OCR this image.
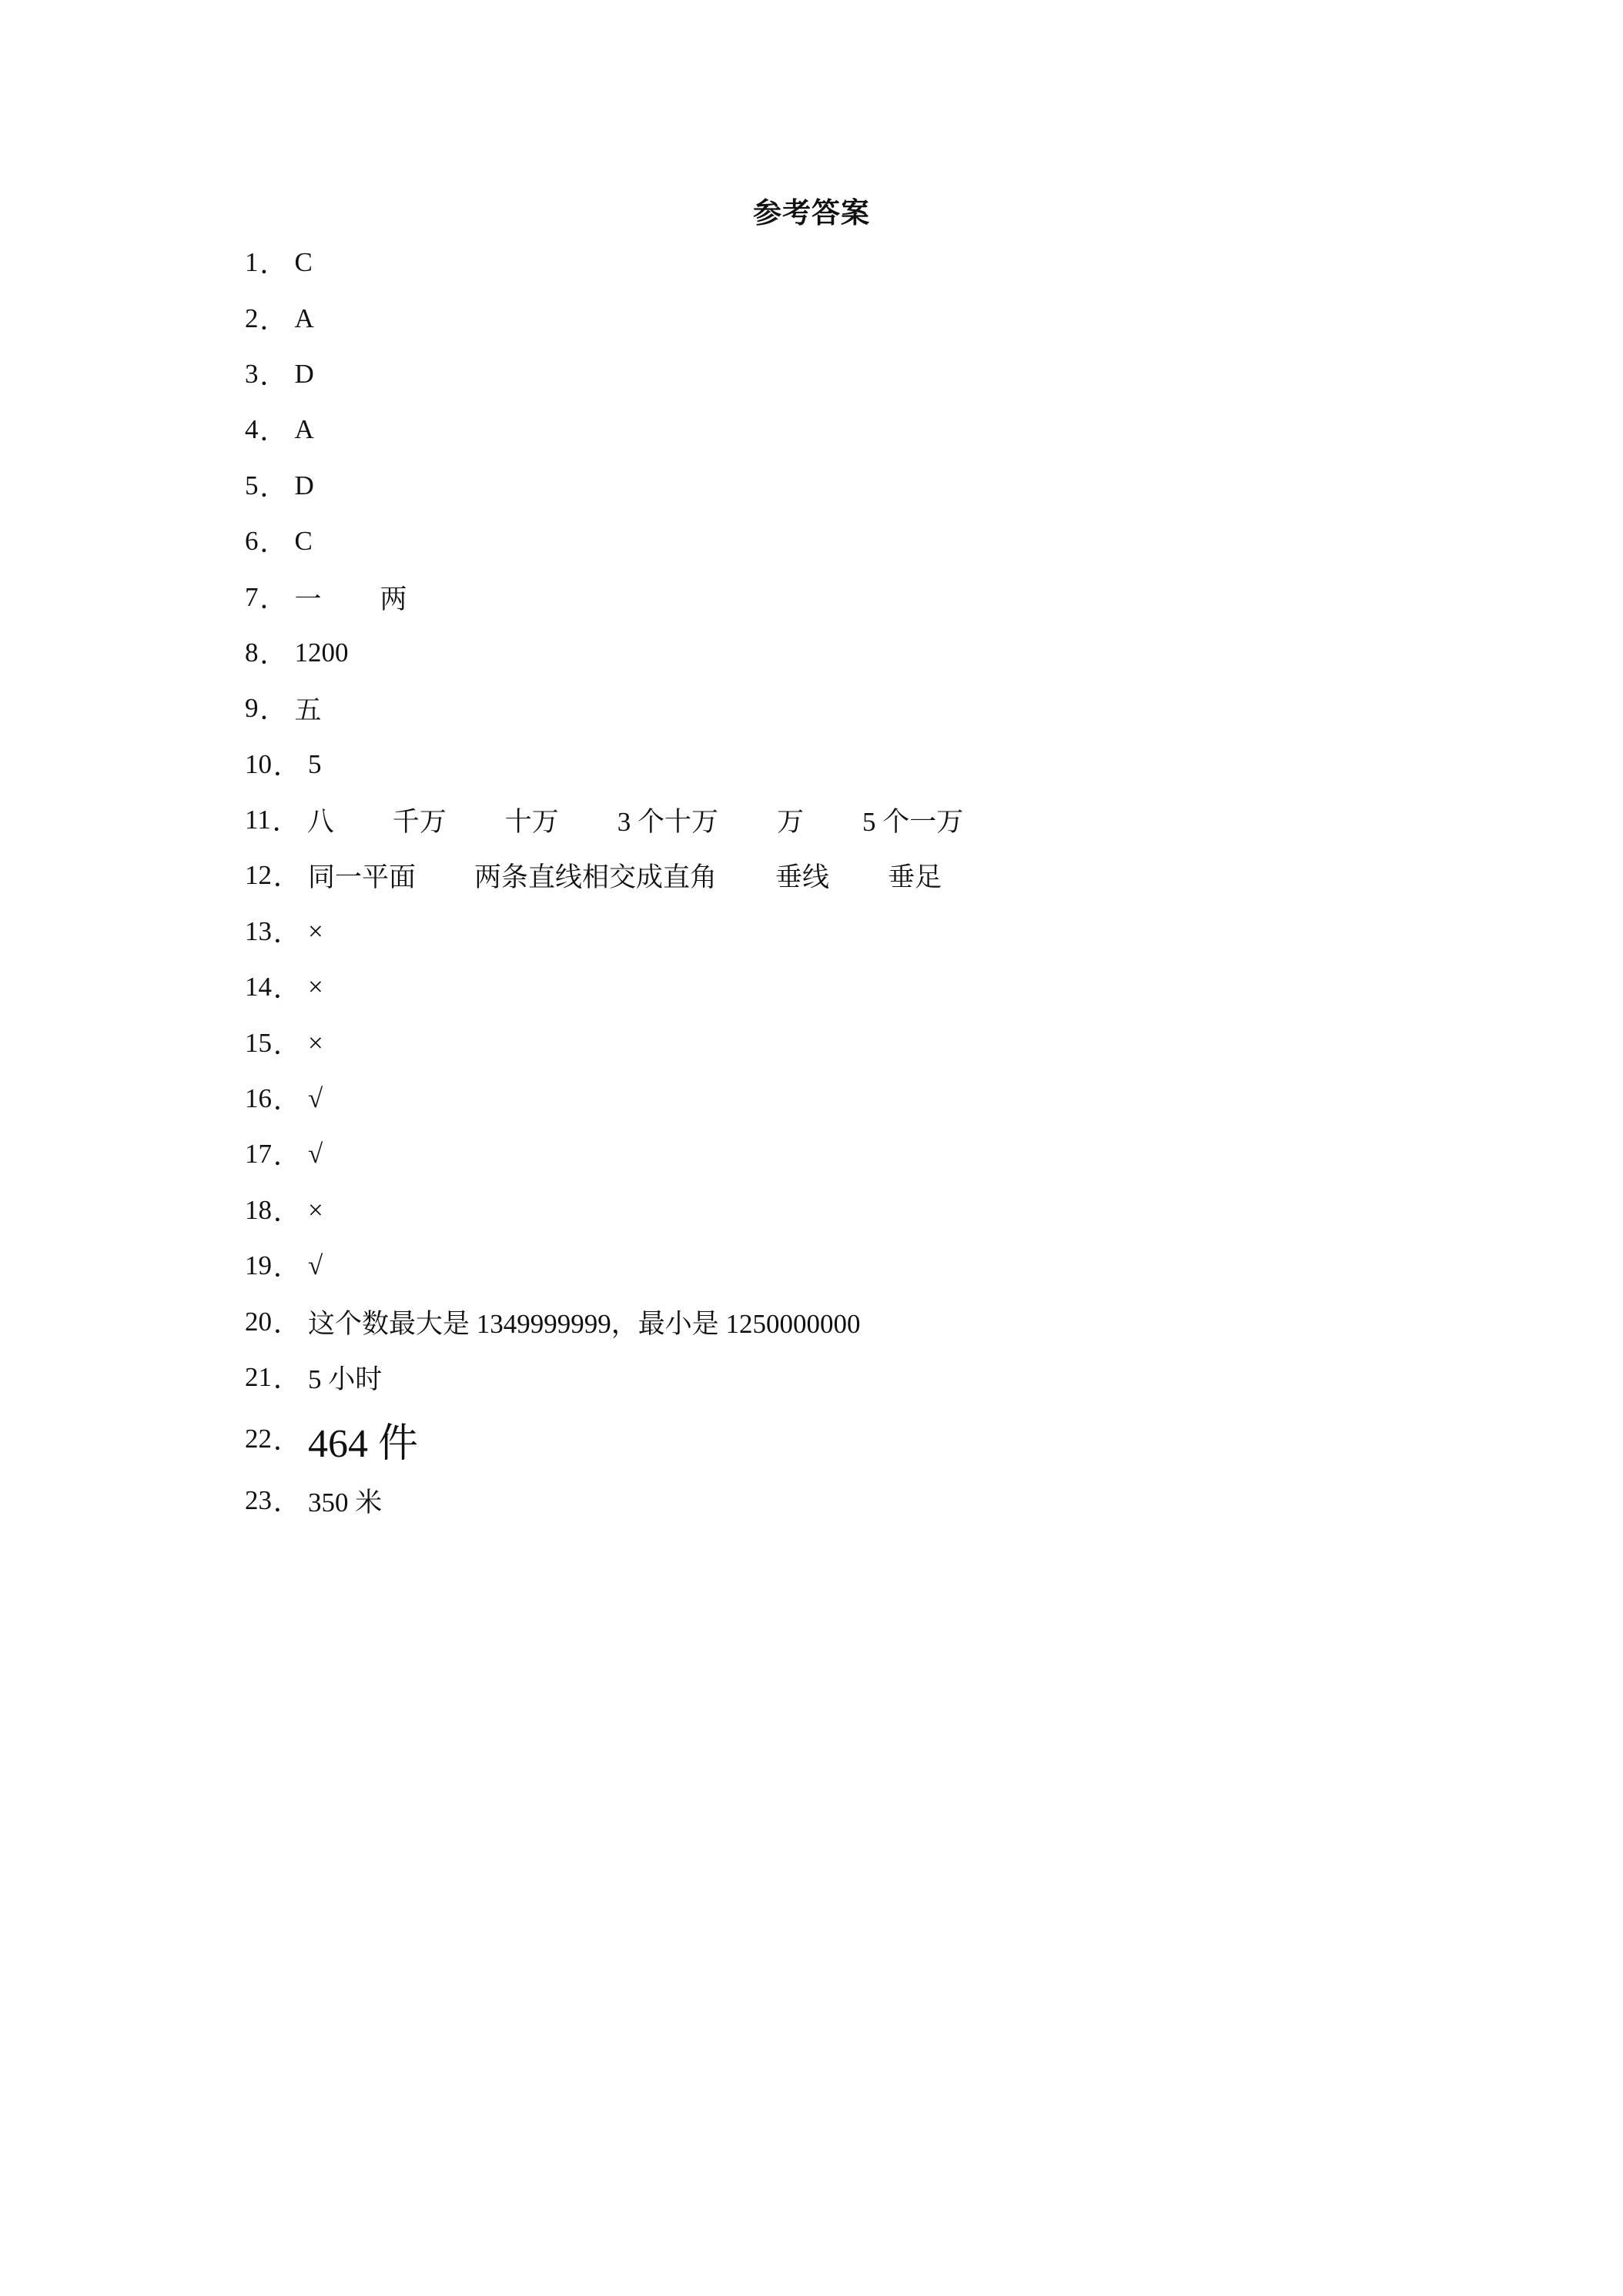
参考答案
1 ． C
2 ． A
3 ． D
4 ． A
5 ． D
6 ． C
7 ． 一 两
8 ． 1200
9 ． 五
10 ． 5
11 ． 八 千万 十万 3 个十万 万 5 个一万
12 ． 同一平面 两条直线相交成直角 垂线 垂足
13 ． ×
14 ． ×
15 ． ×
16 ． √
17 ． √
18 ． ×
19 ． √
20 ． 这个数最大是 1349999999，最小是 1250000000
21 ． 5 小时
22 ． 464 件
23 ． 350 米
